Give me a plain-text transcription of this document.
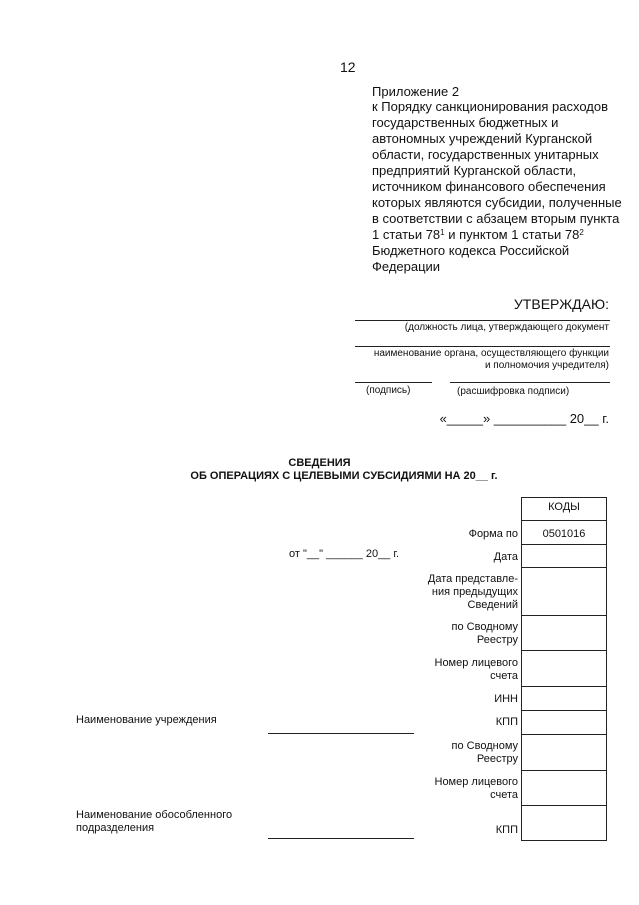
12
Приложение 2
к Порядку санкционирования расходов государственных бюджетных и автономных учреждений Курганской области, государственных унитарных предприятий Курганской области, источником финансового обеспечения которых являются субсидии, полученные в соответствии с абзацем вторым пункта 1 статьи $78^1$ и пунктом 1 статьи $78^2$ Бюджетного кодекса Российской Федерации
УТВЕРЖДАЮ:
(должность лица, утверждающего документ
наименование органа, осуществляющего функции
и полномочия учредителя)
(подпись)	(расшифровка подписи)
«_____» __________ 20__ г.
СВЕДЕНИЯ
ОБ ОПЕРАЦИЯХ С ЦЕЛЕВЫМИ СУБСИДИЯМИ НА 20__ г.
от "__" ______ 20__ г.
КОДЫ
0501016
Форма по
Дата
Дата представле-
ния предыдущих
Сведений
по Сводному
Реестру
Номер лицевого
счета
ИНН
КПП
по Сводному
Реестру
Номер лицевого
счета
КПП
Наименование учреждения
Наименование обособленного
подразделения
